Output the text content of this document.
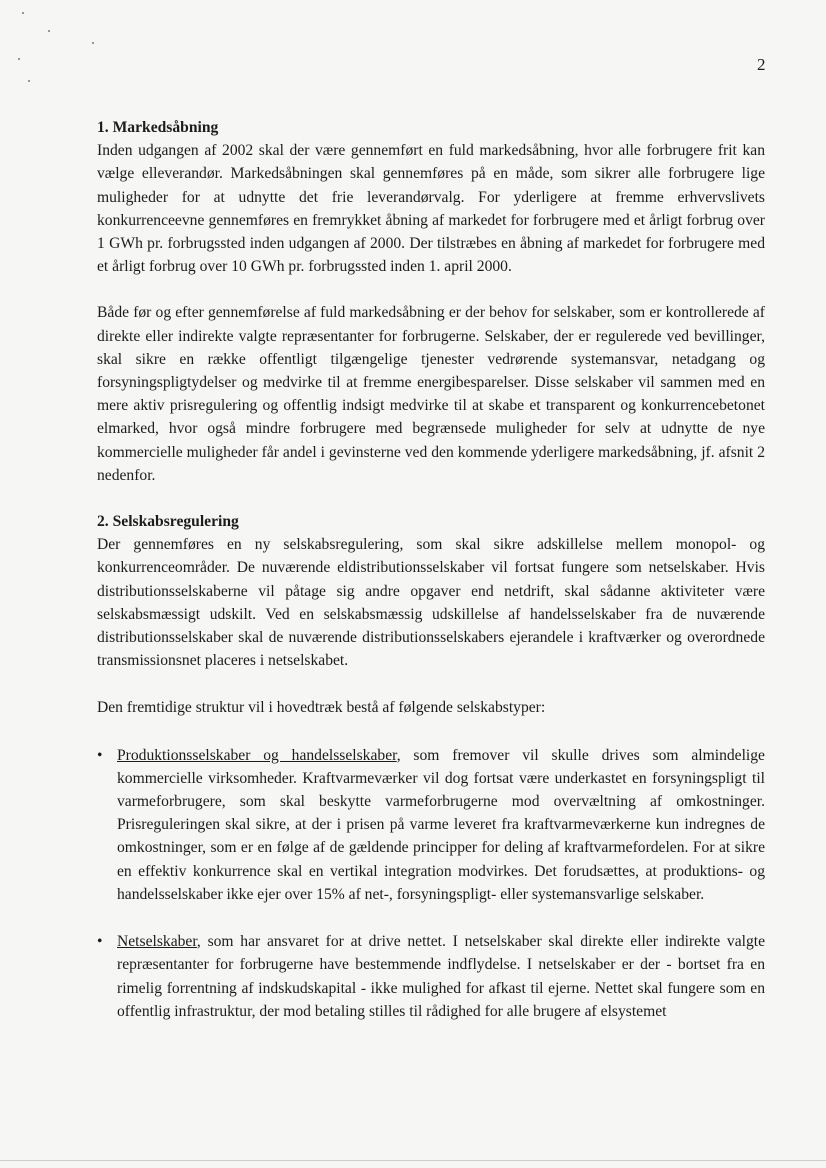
2

1. Markedsåbning

Inden udgangen af 2002 skal der være gennemført en fuld markedsåbning, hvor alle forbrugere frit kan vælge elleverandør. Markedsåbningen skal gennemføres på en måde, som sikrer alle forbrugere lige muligheder for at udnytte det frie leverandørvalg. For yderligere at fremme erhvervslivets konkurrenceevne gennemføres en fremrykket åbning af markedet for forbrugere med et årligt forbrug over 1 GWh pr. forbrugssted inden udgangen af 2000. Der tilstræbes en åbning af markedet for forbrugere med et årligt forbrug over 10 GWh pr. forbrugssted inden 1. april 2000.

Både før og efter gennemførelse af fuld markedsåbning er der behov for selskaber, som er kontrollerede af direkte eller indirekte valgte repræsentanter for forbrugerne. Selskaber, der er regulerede ved bevillinger, skal sikre en række offentligt tilgængelige tjenester vedrørende systemansvar, netadgang og forsyningspligtydelser og medvirke til at fremme energibesparelser. Disse selskaber vil sammen med en mere aktiv prisregulering og offentlig indsigt medvirke til at skabe et transparent og konkurrencebetonet elmarked, hvor også mindre forbrugere med begrænsede muligheder for selv at udnytte de nye kommercielle muligheder får andel i gevinsterne ved den kommende yderligere markedsåbning, jf. afsnit 2 nedenfor.

2. Selskabsregulering

Der gennemføres en ny selskabsregulering, som skal sikre adskillelse mellem monopol- og konkurrenceområder. De nuværende eldistributionsselskaber vil fortsat fungere som netselskaber. Hvis distributionsselskaberne vil påtage sig andre opgaver end netdrift, skal sådanne aktiviteter være selskabsmæssigt udskilt. Ved en selskabsmæssig udskillelse af handelsselskaber fra de nuværende distributionsselskaber skal de nuværende distributionsselskabers ejerandele i kraftværker og overordnede transmissionsnet placeres i netselskabet.

Den fremtidige struktur vil i hovedtræk bestå af følgende selskabstyper:

• Produktionsselskaber og handelsselskaber, som fremover vil skulle drives som almindelige kommercielle virksomheder. Kraftvarmeværker vil dog fortsat være underkastet en forsyningspligt til varmeforbrugere, som skal beskytte varmeforbrugerne mod overvæltning af omkostninger. Prisreguleringen skal sikre, at der i prisen på varme leveret fra kraftvarmeværkerne kun indregnes de omkostninger, som er en følge af de gældende principper for deling af kraftvarmefordelen. For at sikre en effektiv konkurrence skal en vertikal integration modvirkes. Det forudsættes, at produktions- og handelsselskaber ikke ejer over 15% af net-, forsyningspligt- eller systemansvarlige selskaber.

• Netselskaber, som har ansvaret for at drive nettet. I netselskaber skal direkte eller indirekte valgte repræsentanter for forbrugerne have bestemmende indflydelse. I netselskaber er der - bortset fra en rimelig forrentning af indskudskapital - ikke mulighed for afkast til ejerne. Nettet skal fungere som en offentlig infrastruktur, der mod betaling stilles til rådighed for alle brugere af elsystemet
